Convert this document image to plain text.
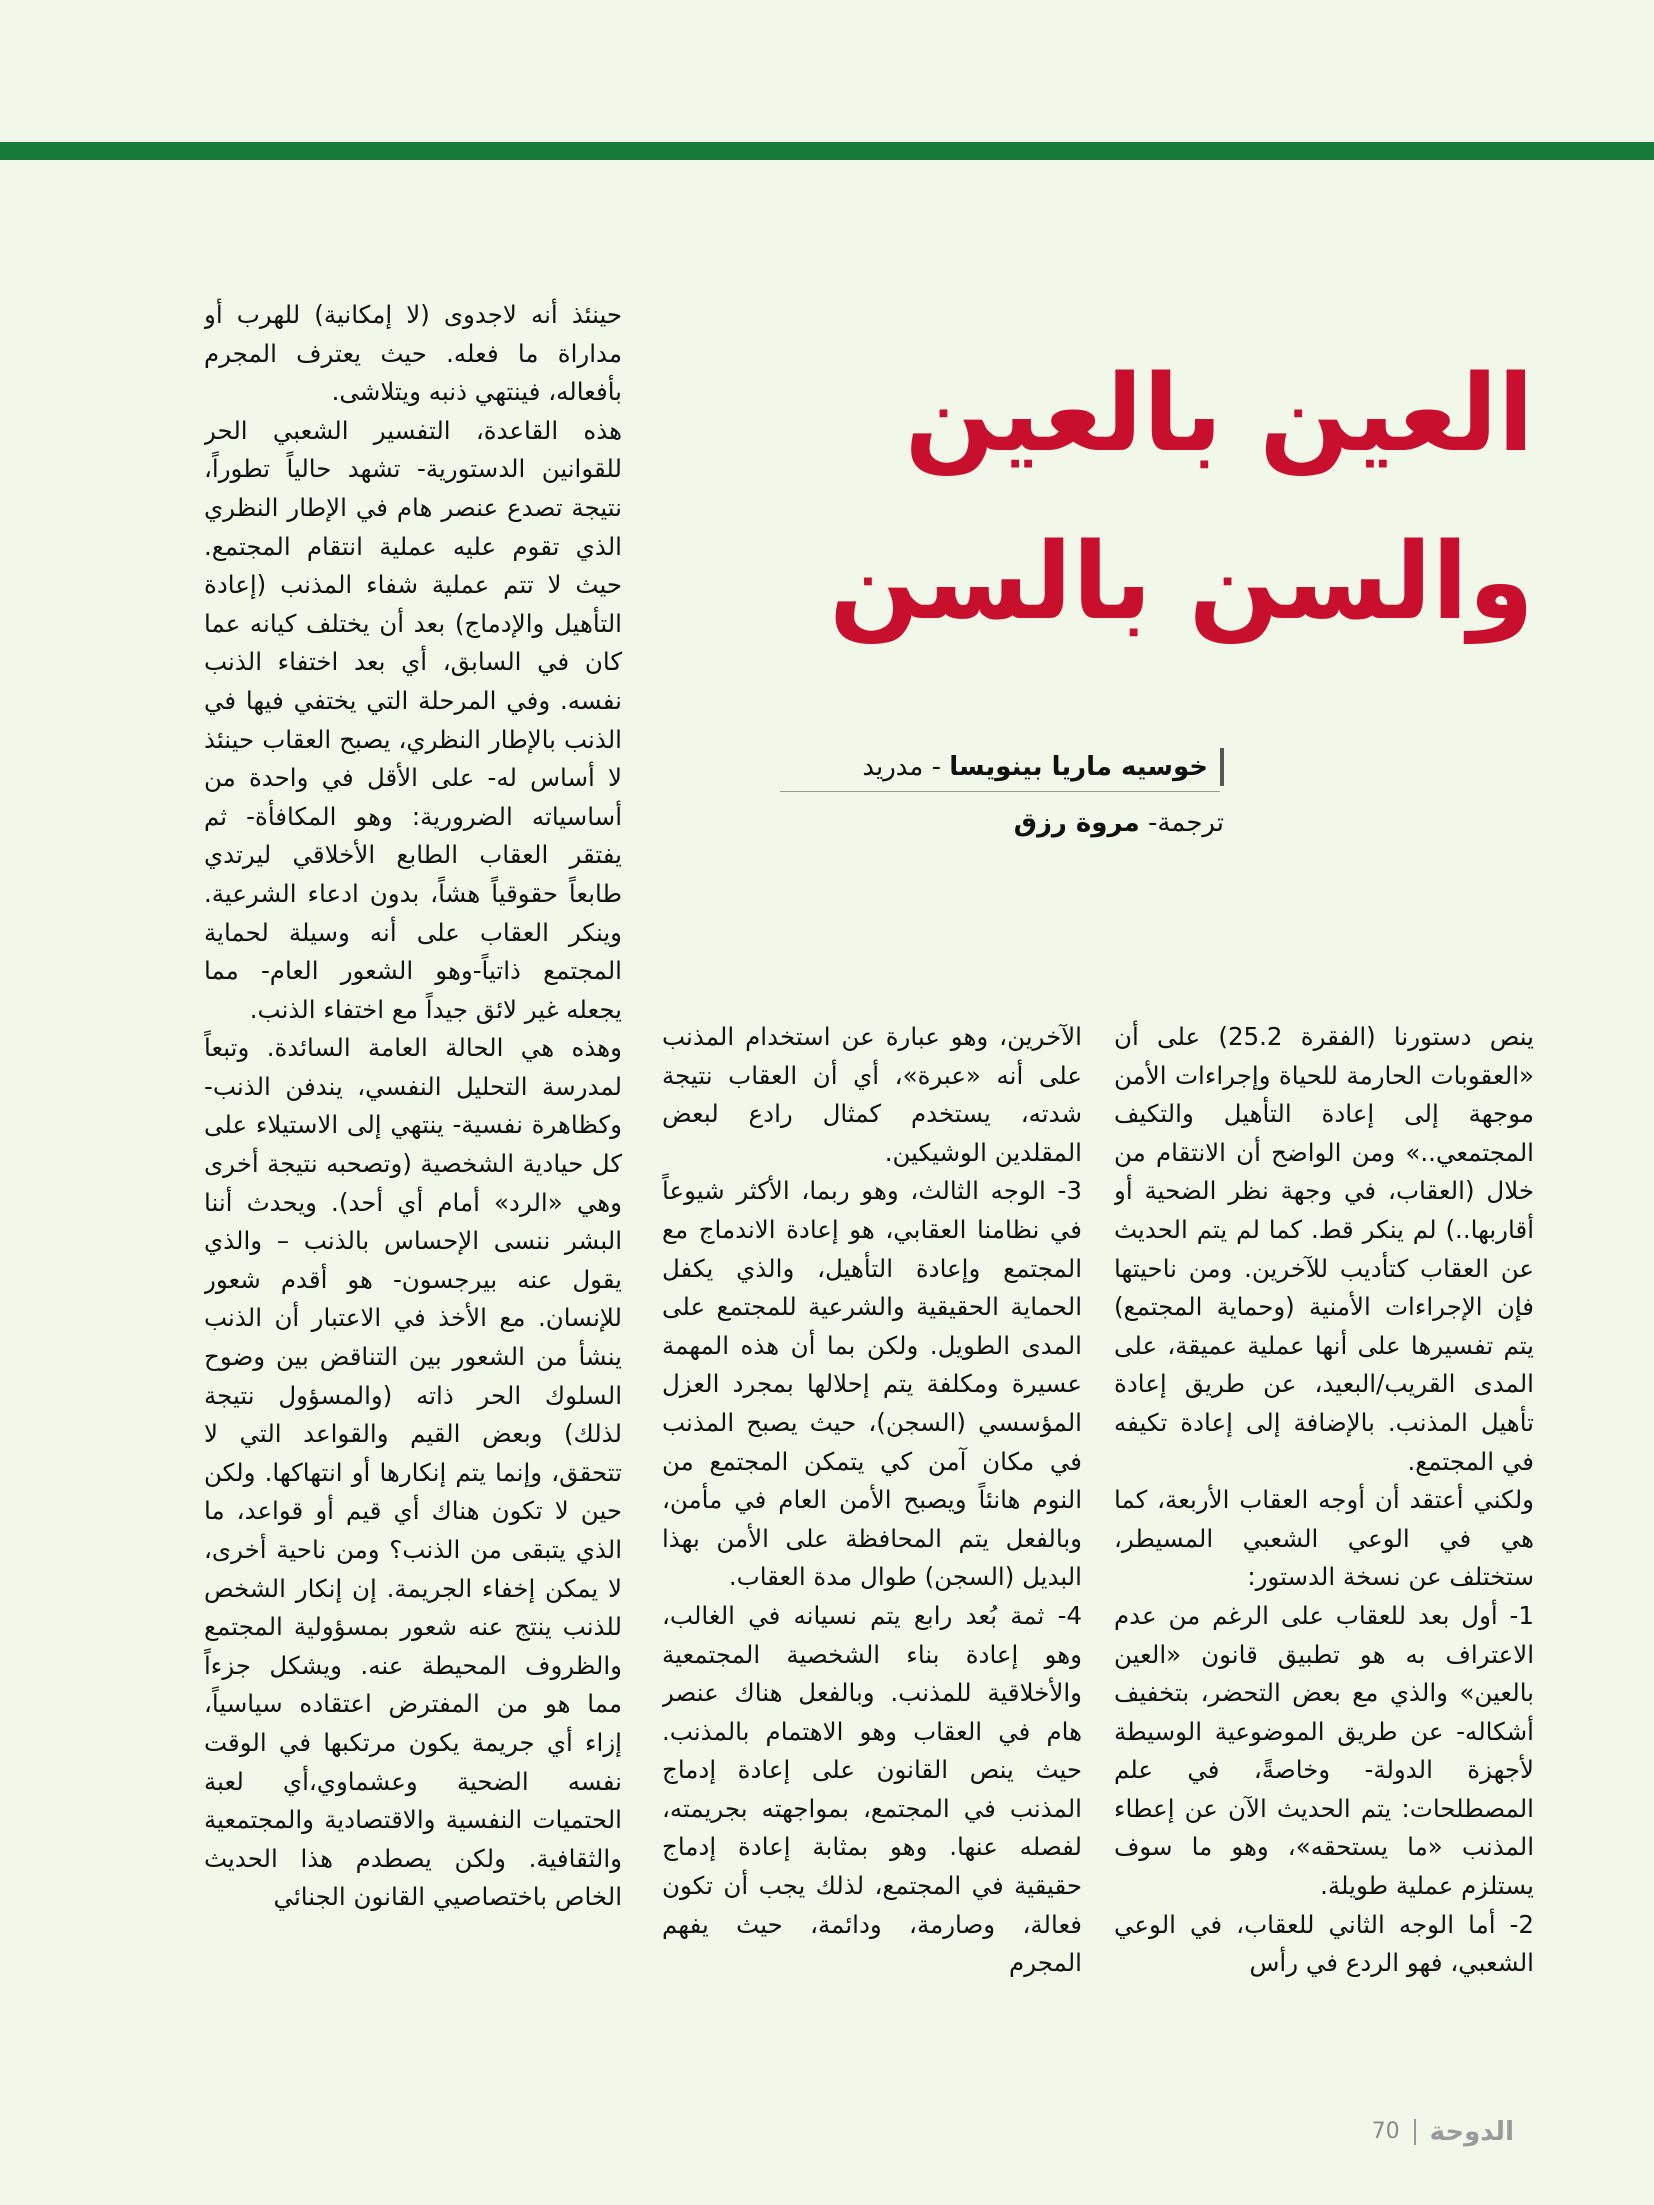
العين بالعين
والسن بالسن
خوسيه ماريا بينويسا - مدريد
ترجمة- مروة رزق

ينص دستورنا (الفقرة 25.2) على أن «العقوبات الحارمة للحياة وإجراءات الأمن موجهة إلى إعادة التأهيل والتكيف المجتمعي..» ومن الواضح أن الانتقام من خلال (العقاب، في وجهة نظر الضحية أو أقاربها..) لم ينكر قط. كما لم يتم الحديث عن العقاب كتأديب للآخرين. ومن ناحيتها فإن الإجراءات الأمنية (وحماية المجتمع) يتم تفسيرها على أنها عملية عميقة، على المدى القريب/البعيد، عن طريق إعادة تأهيل المذنب. بالإضافة إلى إعادة تكيفه في المجتمع.

ولكني أعتقد أن أوجه العقاب الأربعة، كما هي في الوعي الشعبي المسيطر، ستختلف عن نسخة الدستور:

1- أول بعد للعقاب على الرغم من عدم الاعتراف به هو تطبيق قانون «العين بالعين» والذي مع بعض التحضر، بتخفيف أشكاله- عن طريق الموضوعية الوسيطة لأجهزة الدولة- وخاصةً، في علم المصطلحات: يتم الحديث الآن عن إعطاء المذنب «ما يستحقه»، وهو ما سوف يستلزم عملية طويلة.

2- أما الوجه الثاني للعقاب، في الوعي الشعبي، فهو الردع في رأس

الآخرين، وهو عبارة عن استخدام المذنب على أنه «عبرة»، أي أن العقاب نتيجة شدته، يستخدم كمثال رادع لبعض المقلدين الوشيكين.

3- الوجه الثالث، وهو ربما، الأكثر شيوعاً في نظامنا العقابي، هو إعادة الاندماج مع المجتمع وإعادة التأهيل، والذي يكفل الحماية الحقيقية والشرعية للمجتمع على المدى الطويل. ولكن بما أن هذه المهمة عسيرة ومكلفة يتم إحلالها بمجرد العزل المؤسسي (السجن)، حيث يصبح المذنب في مكان آمن كي يتمكن المجتمع من النوم هانئاً ويصبح الأمن العام في مأمن، وبالفعل يتم المحافظة على الأمن بهذا البديل (السجن) طوال مدة العقاب.

4- ثمة بُعد رابع يتم نسيانه في الغالب، وهو إعادة بناء الشخصية المجتمعية والأخلاقية للمذنب. وبالفعل هناك عنصر هام في العقاب وهو الاهتمام بالمذنب. حيث ينص القانون على إعادة إدماج المذنب في المجتمع، بمواجهته بجريمته، لفصله عنها. وهو بمثابة إعادة إدماج حقيقية في المجتمع، لذلك يجب أن تكون فعالة، وصارمة، ودائمة، حيث يفهم المجرم

حينئذ أنه لاجدوى (لا إمكانية) للهرب أو مداراة ما فعله. حيث يعترف المجرم بأفعاله، فينتهي ذنبه ويتلاشى.

هذه القاعدة، التفسير الشعبي الحر للقوانين الدستورية- تشهد حالياً تطوراً، نتيجة تصدع عنصر هام في الإطار النظري الذي تقوم عليه عملية انتقام المجتمع. حيث لا تتم عملية شفاء المذنب (إعادة التأهيل والإدماج) بعد أن يختلف كيانه عما كان في السابق، أي بعد اختفاء الذنب نفسه. وفي المرحلة التي يختفي فيها في الذنب بالإطار النظري، يصبح العقاب حينئذ لا أساس له- على الأقل في واحدة من أساسياته الضرورية: وهو المكافأة- ثم يفتقر العقاب الطابع الأخلاقي ليرتدي طابعاً حقوقياً هشاً، بدون ادعاء الشرعية. وينكر العقاب على أنه وسيلة لحماية المجتمع ذاتياً-وهو الشعور العام- مما يجعله غير لائق جيداً مع اختفاء الذنب.

وهذه هي الحالة العامة السائدة. وتبعاً لمدرسة التحليل النفسي، يندفن الذنب- وكظاهرة نفسية- ينتهي إلى الاستيلاء على كل حيادية الشخصية (وتصحبه نتيجة أخرى وهي «الرد» أمام أي أحد). ويحدث أننا البشر ننسى الإحساس بالذنب – والذي يقول عنه بيرجسون- هو أقدم شعور للإنسان. مع الأخذ في الاعتبار أن الذنب ينشأ من الشعور بين التناقض بين وضوح السلوك الحر ذاته (والمسؤول نتيجة لذلك) وبعض القيم والقواعد التي لا تتحقق، وإنما يتم إنكارها أو انتهاكها. ولكن حين لا تكون هناك أي قيم أو قواعد، ما الذي يتبقى من الذنب؟ ومن ناحية أخرى، لا يمكن إخفاء الجريمة. إن إنكار الشخص للذنب ينتج عنه شعور بمسؤولية المجتمع والظروف المحيطة عنه. ويشكل جزءاً مما هو من المفترض اعتقاده سياسياً، إزاء أي جريمة يكون مرتكبها في الوقت نفسه الضحية وعشماوي،أي لعبة الحتميات النفسية والاقتصادية والمجتمعية والثقافية. ولكن يصطدم هذا الحديث الخاص باختصاصيي القانون الجنائي

الدوحة
70
